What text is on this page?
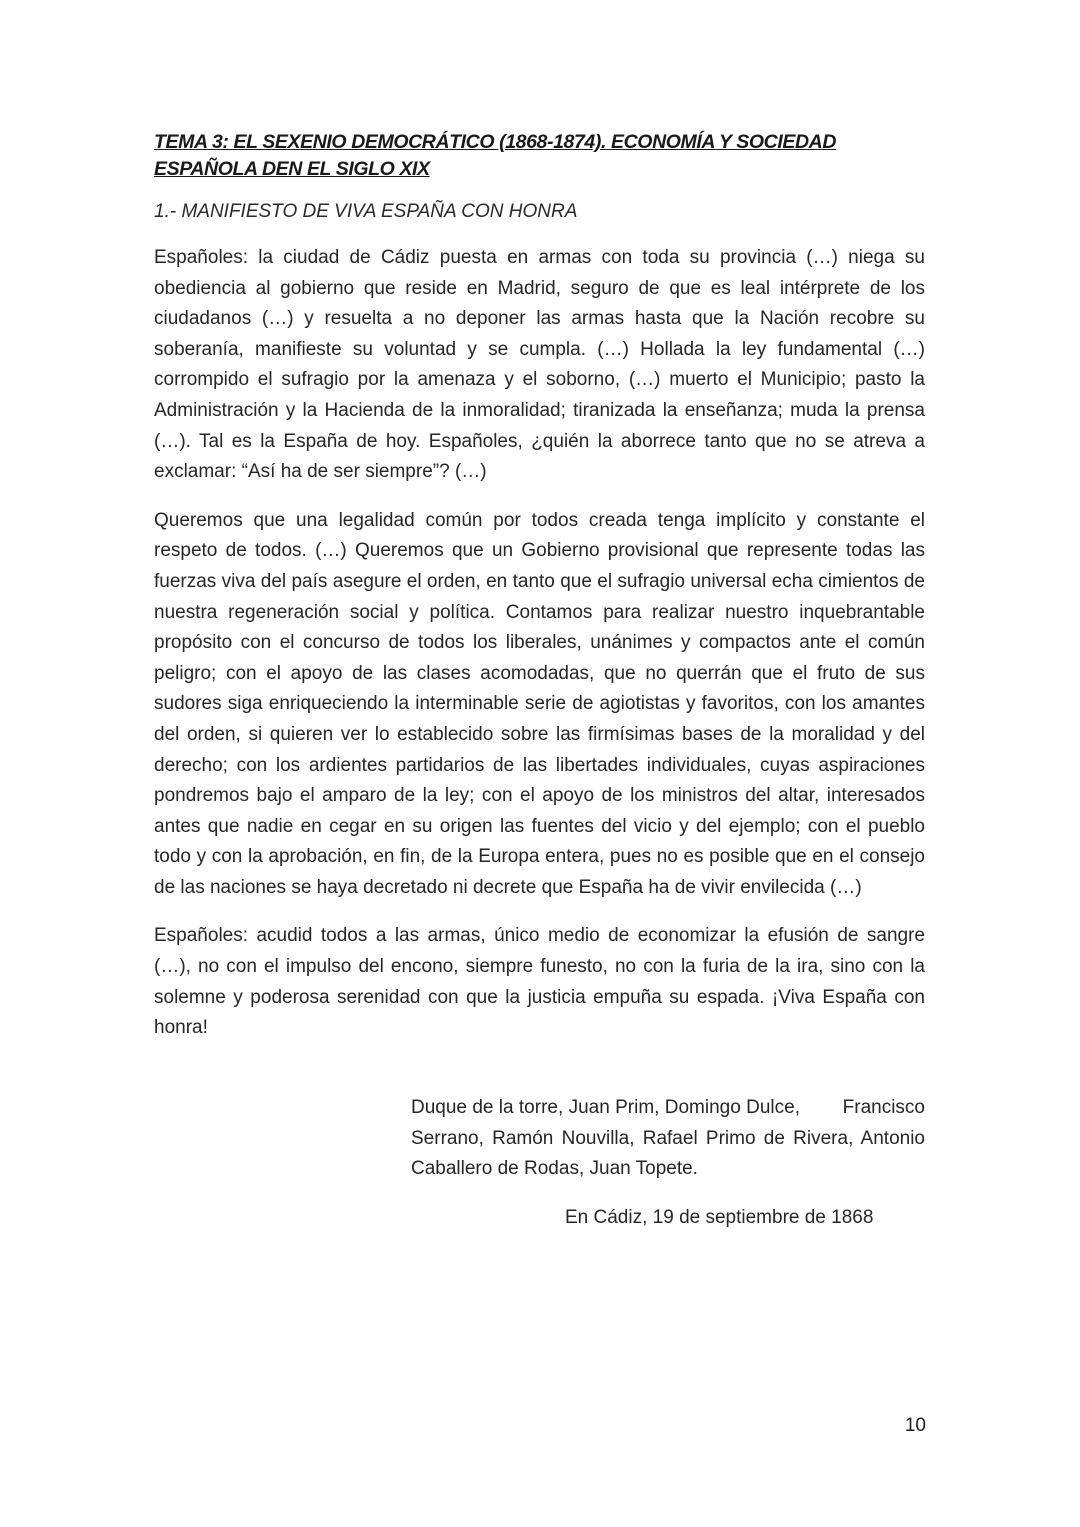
TEMA 3: EL SEXENIO DEMOCRÁTICO (1868-1874). ECONOMÍA Y SOCIEDAD ESPAÑOLA DEN EL SIGLO XIX
1.- MANIFIESTO DE VIVA ESPAÑA CON HONRA

Españoles: la ciudad de Cádiz puesta en armas con toda su provincia (…) niega su obediencia al gobierno que reside en Madrid, seguro de que es leal intérprete de los ciudadanos (…) y resuelta a no deponer las armas hasta que la Nación recobre su soberanía, manifieste su voluntad y se cumpla. (…) Hollada la ley fundamental (…) corrompido el sufragio por la amenaza y el soborno, (…) muerto el Municipio; pasto la Administración y la Hacienda de la inmoralidad; tiranizada la enseñanza; muda la prensa (…). Tal es la España de hoy. Españoles, ¿quién la aborrece tanto que no se atreva a exclamar: “Así ha de ser siempre”? (…)

Queremos que una legalidad común por todos creada tenga implícito y constante el respeto de todos. (…) Queremos que un Gobierno provisional que represente todas las fuerzas viva del país asegure el orden, en tanto que el sufragio universal echa cimientos de nuestra regeneración social y política. Contamos para realizar nuestro inquebrantable propósito con el concurso de todos los liberales, unánimes y compactos ante el común peligro; con el apoyo de las clases acomodadas, que no querrán que el fruto de sus sudores siga enriqueciendo la interminable serie de agiotistas y favoritos, con los amantes del orden, si quieren ver lo establecido sobre las firmísimas bases de la moralidad y del derecho; con los ardientes partidarios de las libertades individuales, cuyas aspiraciones pondremos bajo el amparo de la ley; con el apoyo de los ministros del altar, interesados antes que nadie en cegar en su origen las fuentes del vicio y del ejemplo; con el pueblo todo y con la aprobación, en fin, de la Europa entera, pues no es posible que en el consejo de las naciones se haya decretado ni decrete que España ha de vivir envilecida (…)

Españoles: acudid todos a las armas, único medio de economizar la efusión de sangre (…), no con el impulso del encono, siempre funesto, no con la furia de la ira, sino con la solemne y poderosa serenidad con que la justicia empuña su espada. ¡Viva España con honra!

Duque de la torre, Juan Prim, Domingo Dulce,        Francisco Serrano, Ramón Nouvilla, Rafael Primo de Rivera, Antonio Caballero de Rodas, Juan Topete.
En Cádiz, 19 de septiembre de 1868
10
